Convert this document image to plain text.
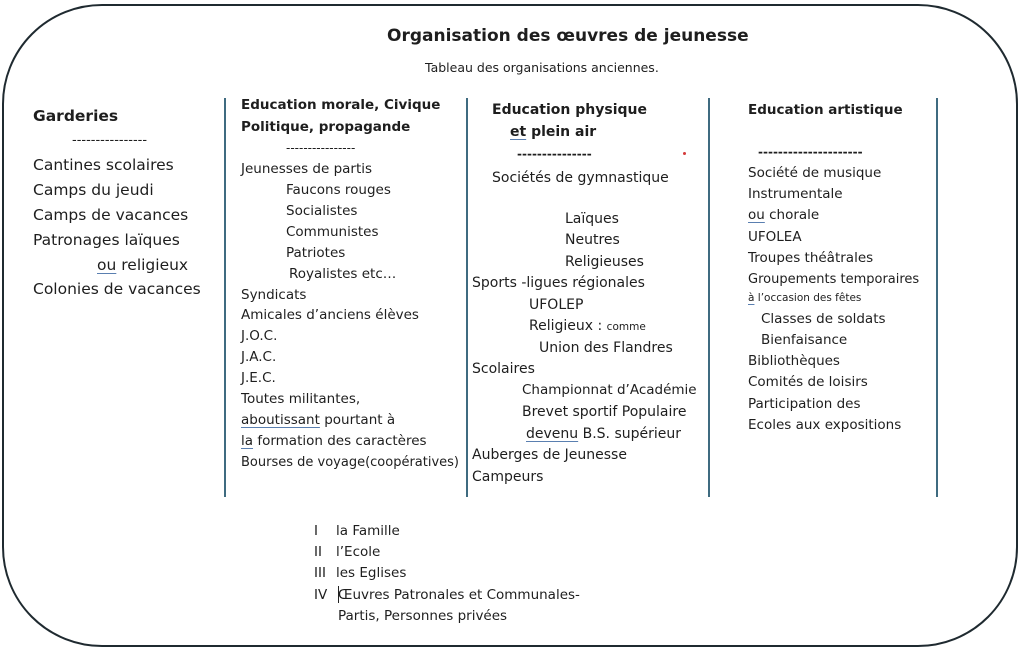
Organisation des œuvres de jeunesse
Tableau des organisations anciennes.
Garderies
----------------
Cantines scolaires
Camps du jeudi
Camps de vacances
Patronages laïques
ou religieux
Colonies de vacances
Education morale, Civique
Politique, propagande
----------------
Jeunesses de partis
Faucons rouges
Socialistes
Communistes
Patriotes
Royalistes etc…
Syndicats
Amicales d’anciens élèves
J.O.C.
J.A.C.
J.E.C.
Toutes militantes,
aboutissant pourtant à
la formation des caractères
Bourses de voyage(coopératives)
Education physique
et plein air
---------------
Sociétés de gymnastique
Laïques
Neutres
Religieuses
Sports -ligues régionales
UFOLEP
Religieux : comme
Union des Flandres
Scolaires
Championnat d’Académie
Brevet sportif Populaire
devenu B.S. supérieur
Auberges de Jeunesse
Campeurs
Education artistique
---------------------
Société de musique
Instrumentale
ou chorale
UFOLEA
Troupes théâtrales
Groupements temporaires
à l’occasion des fêtes
Classes de soldats
Bienfaisance
Bibliothèques
Comités de loisirs
Participation des
Ecoles aux expositions
I la Famille
II l’Ecole
III les Eglises
IV Œuvres Patronales et Communales-
Partis, Personnes privées
